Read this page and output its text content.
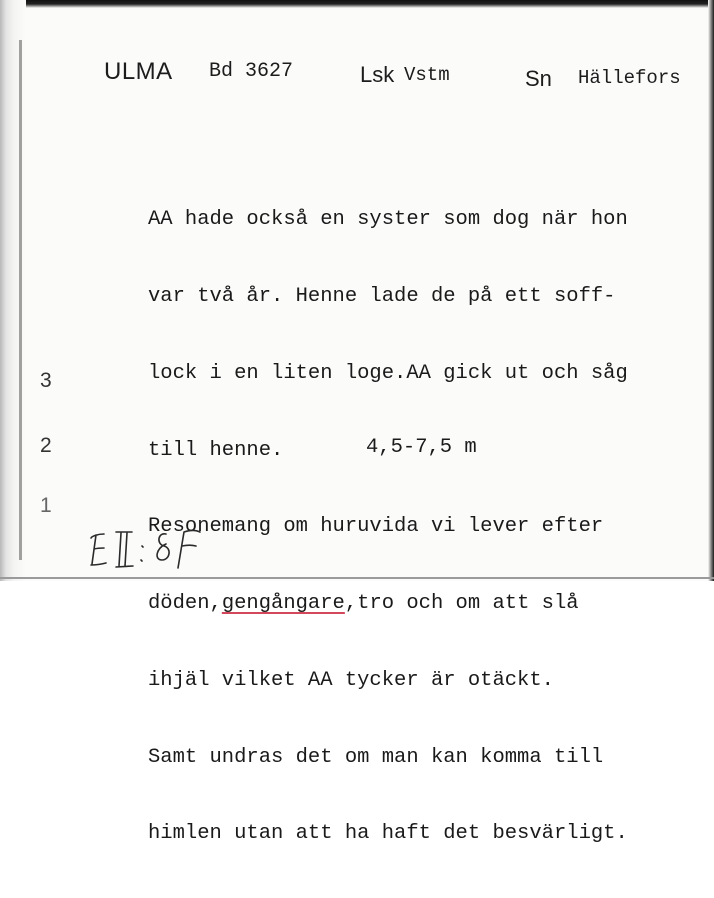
ULMA Bd 3627	Lsk Vstm	Sn Hällefors

AA hade också en syster som dog när hon

var två år. Henne lade de på ett soff-

lock i en liten loge.AA gick ut och såg

till henne.

Resonemang om huruvida vi lever efter

döden,gengångare,tro och om att slå

ihjäl vilket AA tycker är otäckt.

Samt undras det om man kan komma till

himlen utan att ha haft det besvärligt.

3
2
1
4,5-7,5 m
